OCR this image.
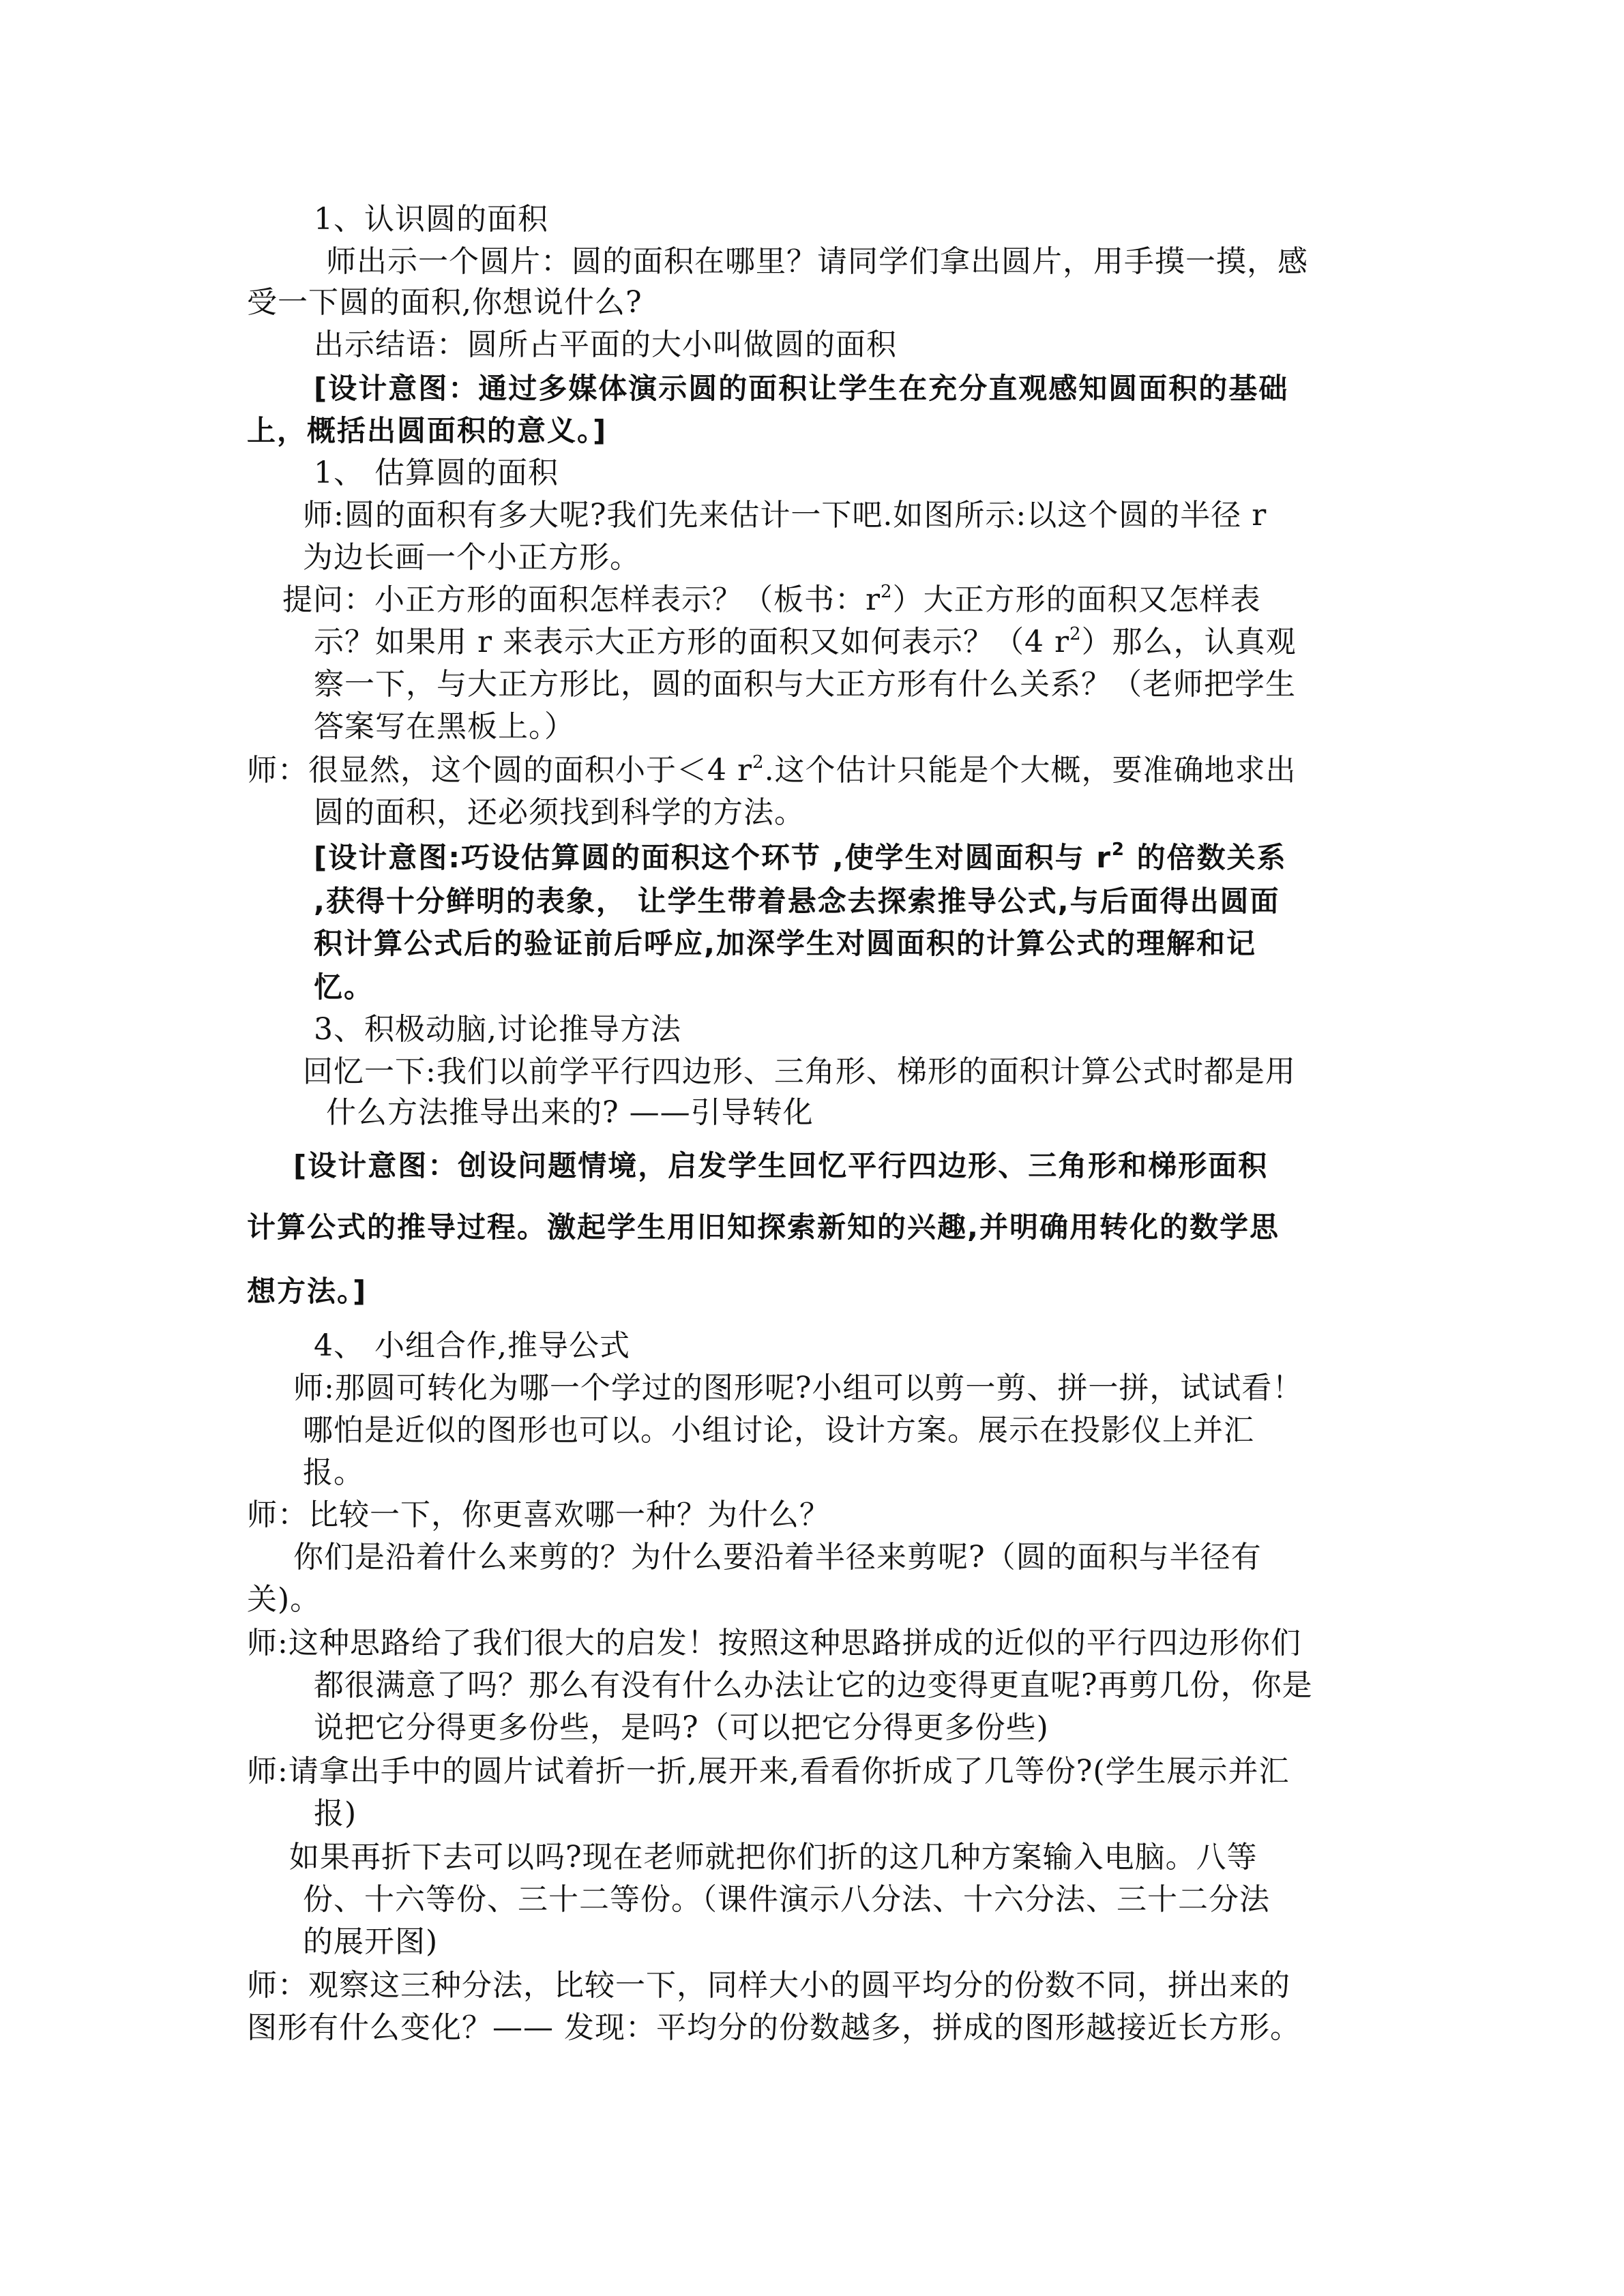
1、认识圆的面积
师出示一个圆片：圆的面积在哪里？请同学们拿出圆片，用手摸一摸，感
受一下圆的面积,你想说什么?
出示结语：圆所占平面的大小叫做圆的面积
[设计意图：通过多媒体演示圆的面积让学生在充分直观感知圆面积的基础
上，概括出圆面积的意义。]
1、 估算圆的面积
师:圆的面积有多大呢?我们先来估计一下吧.如图所示:以这个圆的半径 r
为边长画一个小正方形。
提问：小正方形的面积怎样表示？（板书：$r^2$）大正方形的面积又怎样表
示？如果用 r 来表示大正方形的面积又如何表示？（4 $r^2$）那么，认真观
察一下，与大正方形比，圆的面积与大正方形有什么关系？（老师把学生
答案写在黑板上。）
师：很显然，这个圆的面积小于＜4 $r^2$.这个估计只能是个大概，要准确地求出
圆的面积，还必须找到科学的方法。
[设计意图:巧设估算圆的面积这个环节 ,使学生对圆面积与 $r^2$ 的倍数关系
,获得十分鲜明的表象， 让学生带着悬念去探索推导公式,与后面得出圆面
积计算公式后的验证前后呼应,加深学生对圆面积的计算公式的理解和记
忆。
3、积极动脑,讨论推导方法
回忆一下:我们以前学平行四边形、三角形、梯形的面积计算公式时都是用
什么方法推导出来的? ——引导转化
[设计意图：创设问题情境，启发学生回忆平行四边形、三角形和梯形面积
计算公式的推导过程。激起学生用旧知探索新知的兴趣,并明确用转化的数学思
想方法。]
4、 小组合作,推导公式
师:那圆可转化为哪一个学过的图形呢?小组可以剪一剪、拼一拼，试试看！
哪怕是近似的图形也可以。小组讨论，设计方案。展示在投影仪上并汇
报。
师：比较一下，你更喜欢哪一种？为什么？
你们是沿着什么来剪的？为什么要沿着半径来剪呢?（圆的面积与半径有
关)。
师:这种思路给了我们很大的启发！按照这种思路拼成的近似的平行四边形你们
都很满意了吗？那么有没有什么办法让它的边变得更直呢?再剪几份，你是
说把它分得更多份些，是吗?（可以把它分得更多份些)
师:请拿出手中的圆片试着折一折,展开来,看看你折成了几等份?(学生展示并汇
报)
如果再折下去可以吗?现在老师就把你们折的这几种方案输入电脑。八等
份、十六等份、三十二等份。（课件演示八分法、十六分法、三十二分法
的展开图)
师：观察这三种分法，比较一下，同样大小的圆平均分的份数不同，拼出来的
图形有什么变化？—— 发现：平均分的份数越多，拼成的图形越接近长方形。
